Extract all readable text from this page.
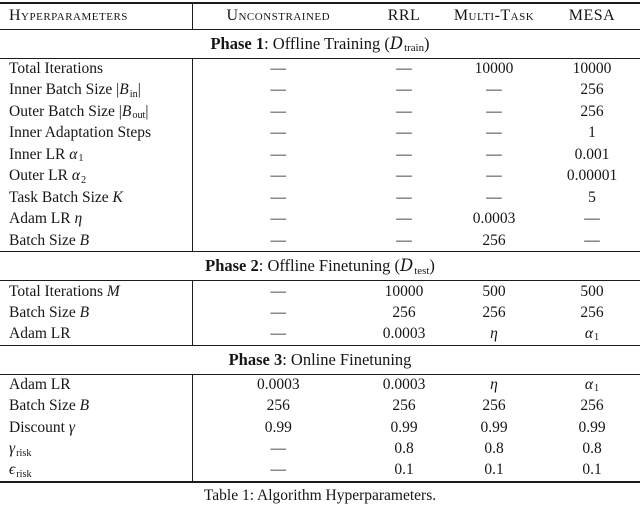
Hyperparameters	Unconstrained	RRL	Multi-Task	MESA
Phase 1: Offline Training (Dtrain)				
Total Iterations	—	—	10000	10000
Inner Batch Size |Bin|	—	—	—	256
Outer Batch Size |Bout|	—	—	—	256
Inner Adaptation Steps	—	—	—	1
Inner LR α1	—	—	—	0.001
Outer LR α2	—	—	—	0.00001
Task Batch Size K	—	—	—	5
Adam LR η	—	—	0.0003	—
Batch Size B	—	—	256	—
Phase 2: Offline Finetuning (Dtest)				
Total Iterations M	—	10000	500	500
Batch Size B	—	256	256	256
Adam LR	—	0.0003	η	α1
Phase 3: Online Finetuning				
Adam LR	0.0003	0.0003	η	α1
Batch Size B	256	256	256	256
Discount γ	0.99	0.99	0.99	0.99
γrisk	—	0.8	0.8	0.8
ϵrisk	—	0.1	0.1	0.1
Table 1: Algorithm Hyperparameters.
